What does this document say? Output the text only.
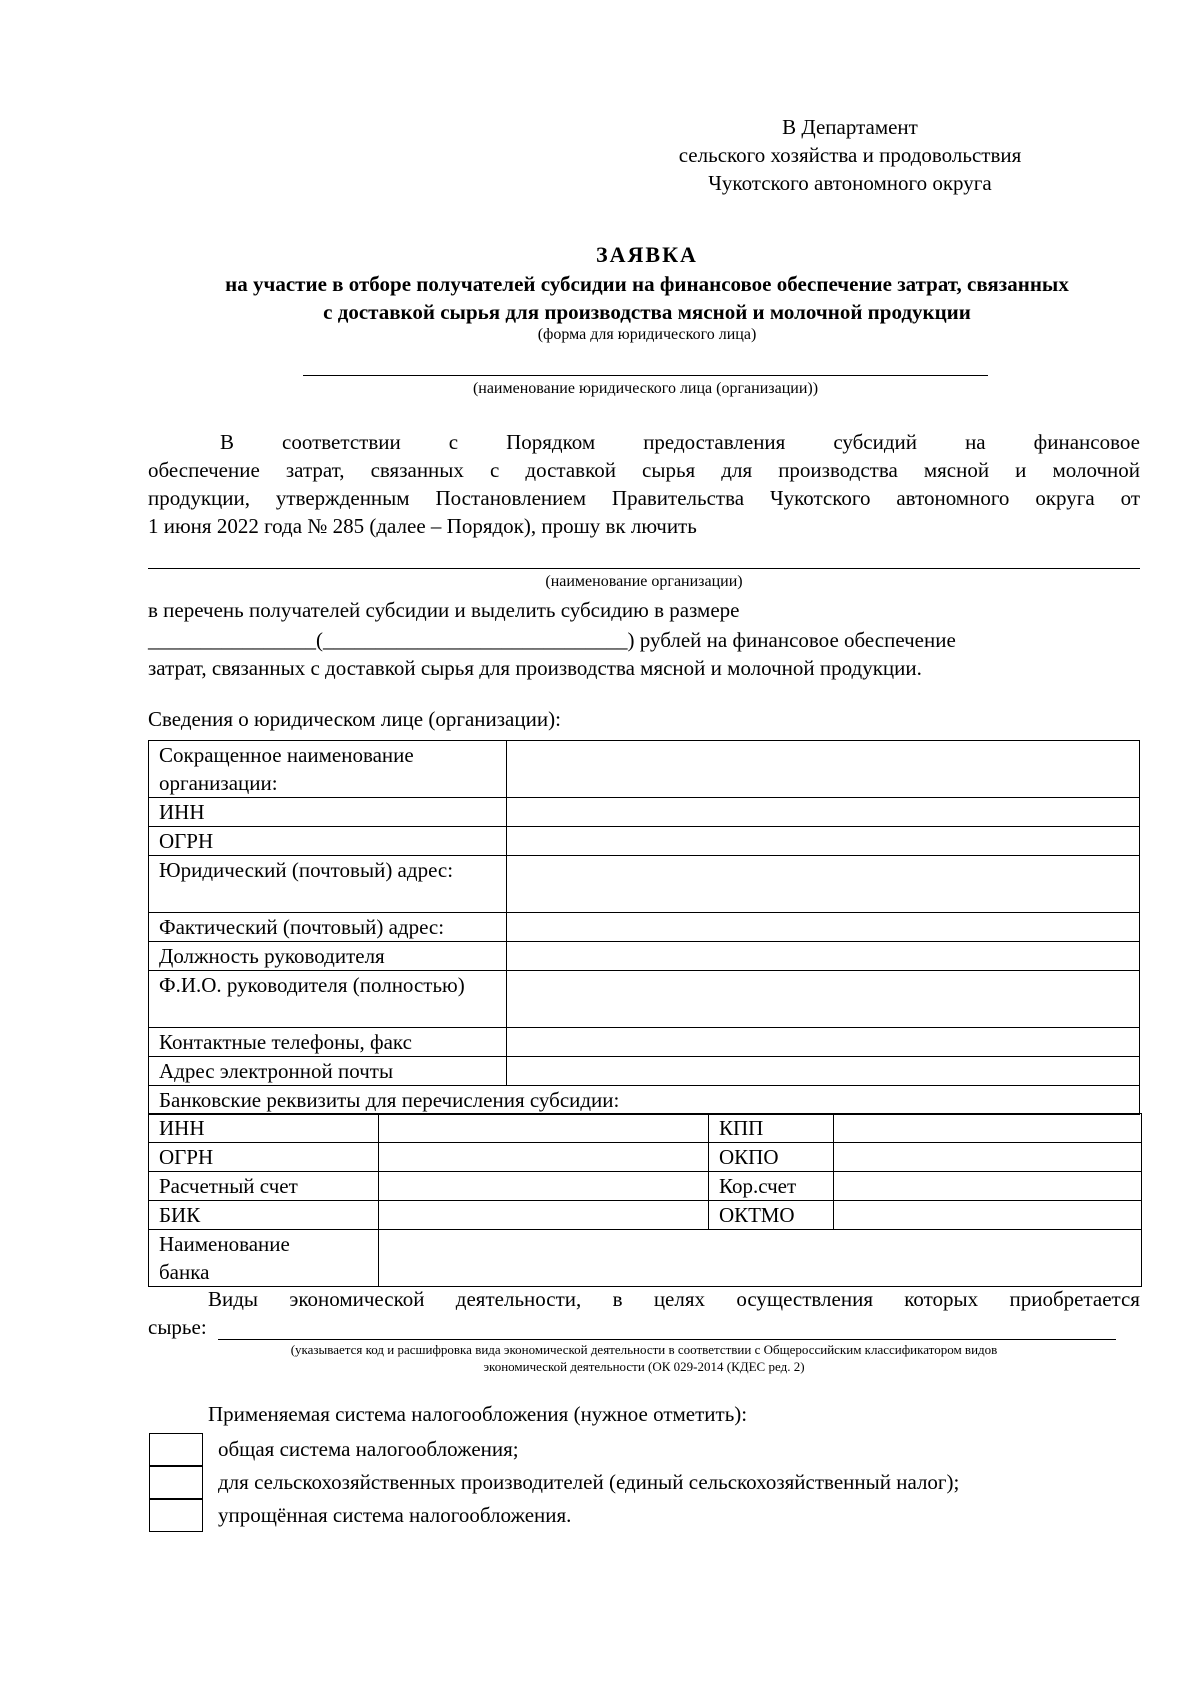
В Департамент
сельского хозяйства и продовольствия
Чукотского автономного округа
ЗАЯВКА
на участие в отборе получателей субсидии на финансовое обеспечение затрат, связанных
с доставкой сырья для производства мясной и молочной продукции
(форма для юридического лица)
(наименование юридического лица (организации))
В соответствии с Порядком предоставления субсидий на финансовое
обеспечение затрат, связанных с доставкой сырья для производства мясной и молочной
продукции, утвержденным Постановлением Правительства Чукотского автономного округа от
1 июня 2022 года № 285 (далее – Порядок), прошу вк лючить
(наименование организации)
в перечень получателей субсидии и выделить субсидию в размере
________________(_____________________________) рублей на финансовое обеспечение
затрат, связанных с доставкой сырья для производства мясной и молочной продукции.
Сведения о юридическом лице (организации):
Сокращенное наименование организации:	
ИНН	
ОГРН	
Юридический (почтовый) адрес:	
Фактический (почтовый) адрес:	
Должность руководителя	
Ф.И.О. руководителя (полностью)	
Контактные телефоны, факс	
Адрес электронной почты	
Банковские реквизиты для перечисления субсидии:	
ИНН		КПП	
ОГРН		ОКПО	
Расчетный счет		Кор.счет	
БИК		ОКТМО	
Наименование банка			
Виды экономической деятельности, в целях осуществления которых приобретается
сырье:
(указывается код и расшифровка вида экономической деятельности в соответствии с Общероссийским классификатором видов
экономической деятельности (ОК 029-2014 (КДЕС ред. 2)
Применяемая система налогообложения (нужное отметить):
общая система налогообложения;
для сельскохозяйственных производителей (единый сельскохозяйственный налог);
упрощённая система налогообложения.
